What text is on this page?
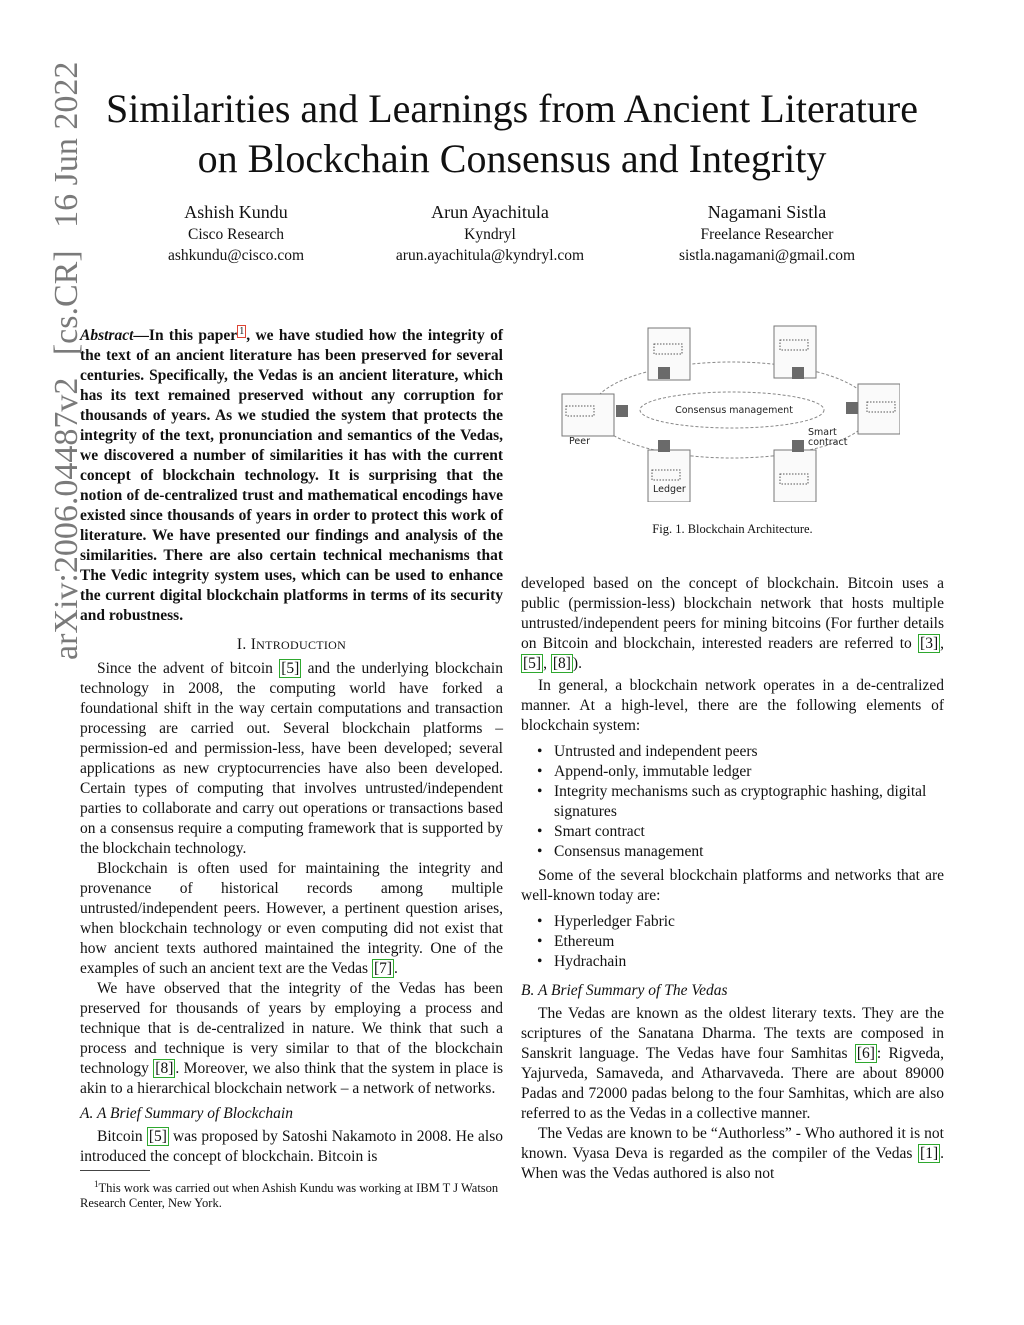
arXiv:2006.04487v2 [cs.CR] 16 Jun 2022 Similarities and Learnings from Ancient Literature
on Blockchain Consensus and Integrity
Ashish Kundu
Cisco Research
ashkundu@cisco.com
Arun Ayachitula
Kyndryl
arun.ayachitula@kyndryl.com
Nagamani Sistla
Freelance Researcher
sistla.nagamani@gmail.com

Abstract—In this paper $^1$ , we have studied how the integrity of the text of an ancient literature has been preserved for several centuries. Specifically, the Vedas is an ancient literature, which has its text remained preserved without any corruption for thousands of years. As we studied the system that protects the integrity of the text, pronunciation and semantics of the Vedas, we discovered a number of similarities it has with the current concept of blockchain technology. It is surprising that the notion of de-centralized trust and mathematical encodings have existed since thousands of years in order to protect this work of literature. We have presented our findings and analysis of the similarities. There are also certain technical mechanisms that The Vedic integrity system uses, which can be used to enhance the current digital blockchain platforms in terms of its security and robustness.

I. INTRODUCTION

Since the advent of bitcoin [5] and the underlying blockchain technology in 2008, the computing world have forked a foundational shift in the way certain computations and transaction processing are carried out. Several blockchain platforms – permission-ed and permission-less, have been developed; several applications as new cryptocurrencies have also been developed. Certain types of computing that involves untrusted/independent parties to collaborate and carry out operations or transactions based on a consensus require a computing framework that is supported by the blockchain technology.

Blockchain is often used for maintaining the integrity and provenance of historical records among multiple untrusted/independent peers. However, a pertinent question arises, when blockchain technology or even computing did not exist that how ancient texts authored maintained the integrity. One of the examples of such an ancient text are the Vedas [7] .

We have observed that the integrity of the Vedas has been preserved for thousands of years by employing a process and technique that is de-centralized in nature. We think that such a process and technique is very similar to that of the blockchain technology [8] . Moreover, we also think that the system in place is akin to a hierarchical blockchain network – a network of networks.

A. A Brief Summary of Blockchain

Bitcoin [5] was proposed by Satoshi Nakamoto in 2008. He also introduced the concept of blockchain. Bitcoin is

$^1$This work was carried out when Ashish Kundu was working at IBM T J Watson Research Center, New York.
Consensus management
Peer
Smart
contract
Ledger
Fig. 1. Blockchain Architecture.

developed based on the concept of blockchain. Bitcoin uses a public (permission-less) blockchain network that hosts multiple untrusted/independent peers for mining bitcoins (For further details on Bitcoin and blockchain, interested readers are referred to [3] , [5] , [8] ).

In general, a blockchain network operates in a de-centralized manner. At a high-level, there are the following elements of blockchain system:

• Untrusted and independent peers
• Append-only, immutable ledger
• Integrity mechanisms such as cryptographic hashing, digital signatures
• Smart contract
• Consensus management

Some of the several blockchain platforms and networks that are well-known today are:

• Hyperledger Fabric
• Ethereum
• Hydrachain
B. A Brief Summary of The Vedas

The Vedas are known as the oldest literary texts. They are the scriptures of the Sanatana Dharma. The texts are composed in Sanskrit language. The Vedas have four Samhitas [6] : Rigveda, Yajurveda, Samaveda, and Atharvaveda. There are about 89000 Padas and 72000 padas belong to the four Samhitas, which are also referred to as the Vedas in a collective manner.

The Vedas are known to be “Authorless” - Who authored it is not known. Vyasa Deva is regarded as the compiler of the Vedas [1] . When was the Vedas authored is also not
